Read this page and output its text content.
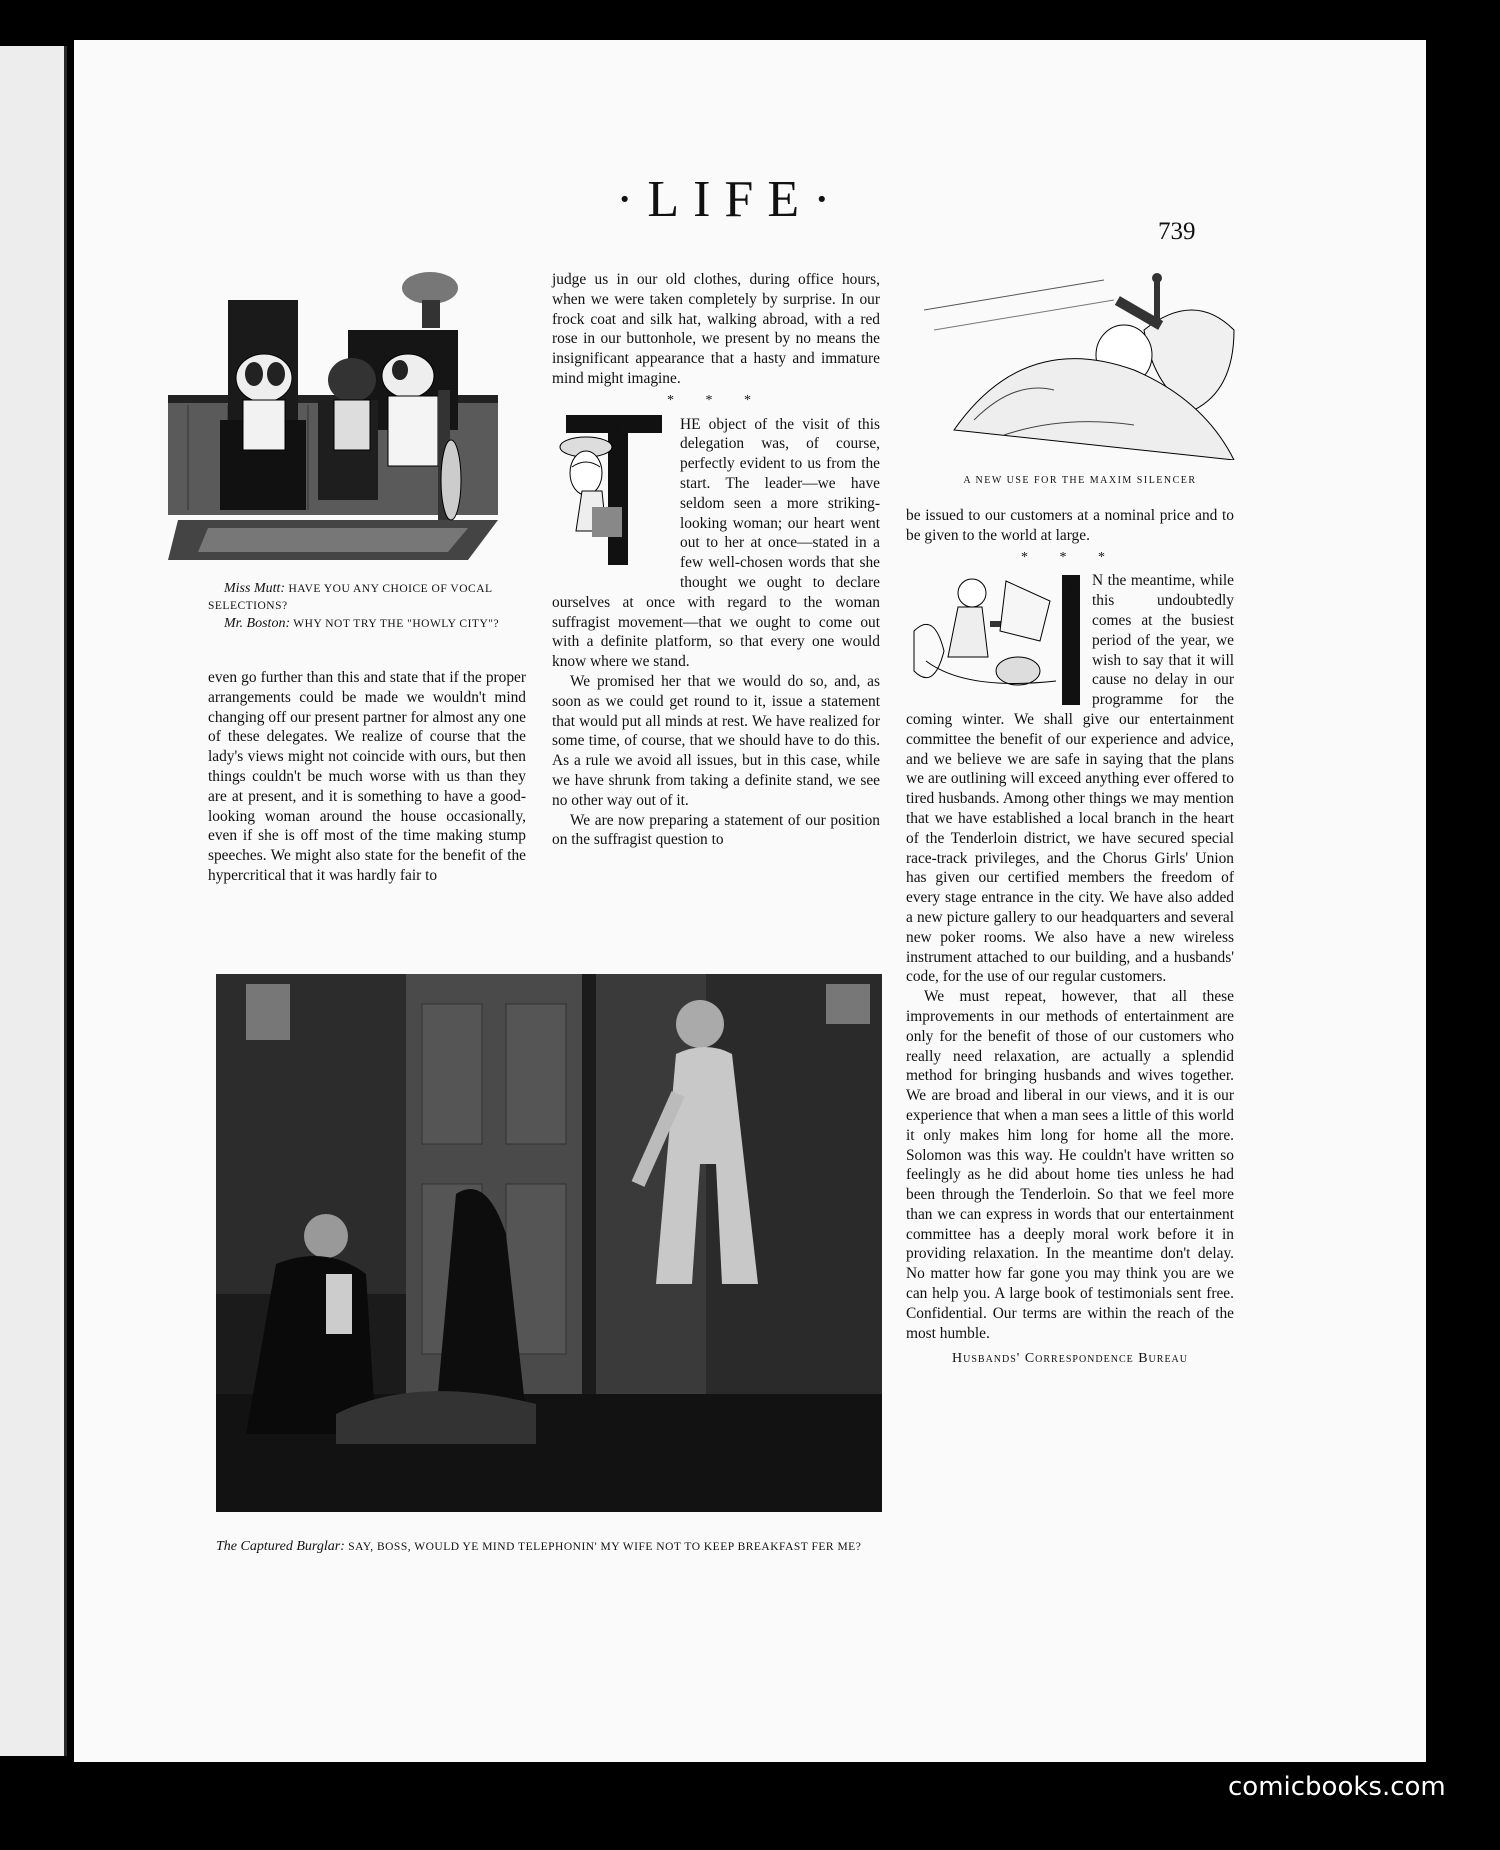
·LIFE·
739
Miss Mutt: HAVE YOU ANY CHOICE OF VOCAL SELECTIONS?
Mr. Boston: WHY NOT TRY THE "HOWLY CITY"?

even go further than this and state that if the proper arrangements could be made we wouldn't mind changing off our present partner for almost any one of these delegates. We realize of course that the lady's views might not coincide with ours, but then things couldn't be much worse with us than they are at present, and it is something to have a good-looking woman around the house occasionally, even if she is off most of the time making stump speeches. We might also state for the benefit of the hypercritical that it was hardly fair to

judge us in our old clothes, during office hours, when we were taken completely by surprise. In our frock coat and silk hat, walking abroad, with a red rose in our buttonhole, we present by no means the insignificant appearance that a hasty and immature mind might imagine.

* * *
T	HE object of the visit of this delegation was, of course, perfectly evident to us from the start. The leader—we have seldom seen a more striking-looking woman; our heart went out to her at once—stated in a few well-chosen words that she thought we ought to declare ourselves at once with regard to the woman suffragist movement—that we ought to come out with a definite platform, so that every one would know where we stand.

We promised her that we would do so, and, as soon as we could get round to it, issue a statement that would put all minds at rest. We have realized for some time, of course, that we should have to do this. As a rule we avoid all issues, but in this case, while we have shrunk from taking a definite stand, we see no other way out of it.

We are now preparing a statement of our position on the suffragist question to

A NEW USE FOR THE MAXIM SILENCER

be issued to our customers at a nominal price and to be given to the world at large.

* * *
I	N the meantime, while this undoubtedly comes at the busiest period of the year, we wish to say that it will cause no delay in our programme for the coming winter. We shall give our entertainment committee the benefit of our experience and advice, and we believe we are safe in saying that the plans we are outlining will exceed anything ever offered to tired husbands. Among other things we may mention that we have established a local branch in the heart of the Tenderloin district, we have secured special race-track privileges, and the Chorus Girls' Union has given our certified members the freedom of every stage entrance in the city. We have also added a new picture gallery to our headquarters and several new poker rooms. We also have a new wireless instrument attached to our building, and a husbands' code, for the use of our regular customers.

We must repeat, however, that all these improvements in our methods of entertainment are only for the benefit of those of our customers who really need relaxation, are actually a splendid method for bringing husbands and wives together. We are broad and liberal in our views, and it is our experience that when a man sees a little of this world it only makes him long for home all the more. Solomon was this way. He couldn't have written so feelingly as he did about home ties unless he had been through the Tenderloin. So that we feel more than we can express in words that our entertainment committee has a deeply moral work before it in providing relaxation. In the meantime don't delay. No matter how far gone you may think you are we can help you. A large book of testimonials sent free. Confidential. Our terms are within the reach of the most humble.

Husbands' Correspondence Bureau
The Captured Burglar: SAY, BOSS, WOULD YE MIND TELEPHONIN' MY WIFE NOT TO KEEP BREAKFAST FER ME?
comicbooks.com
